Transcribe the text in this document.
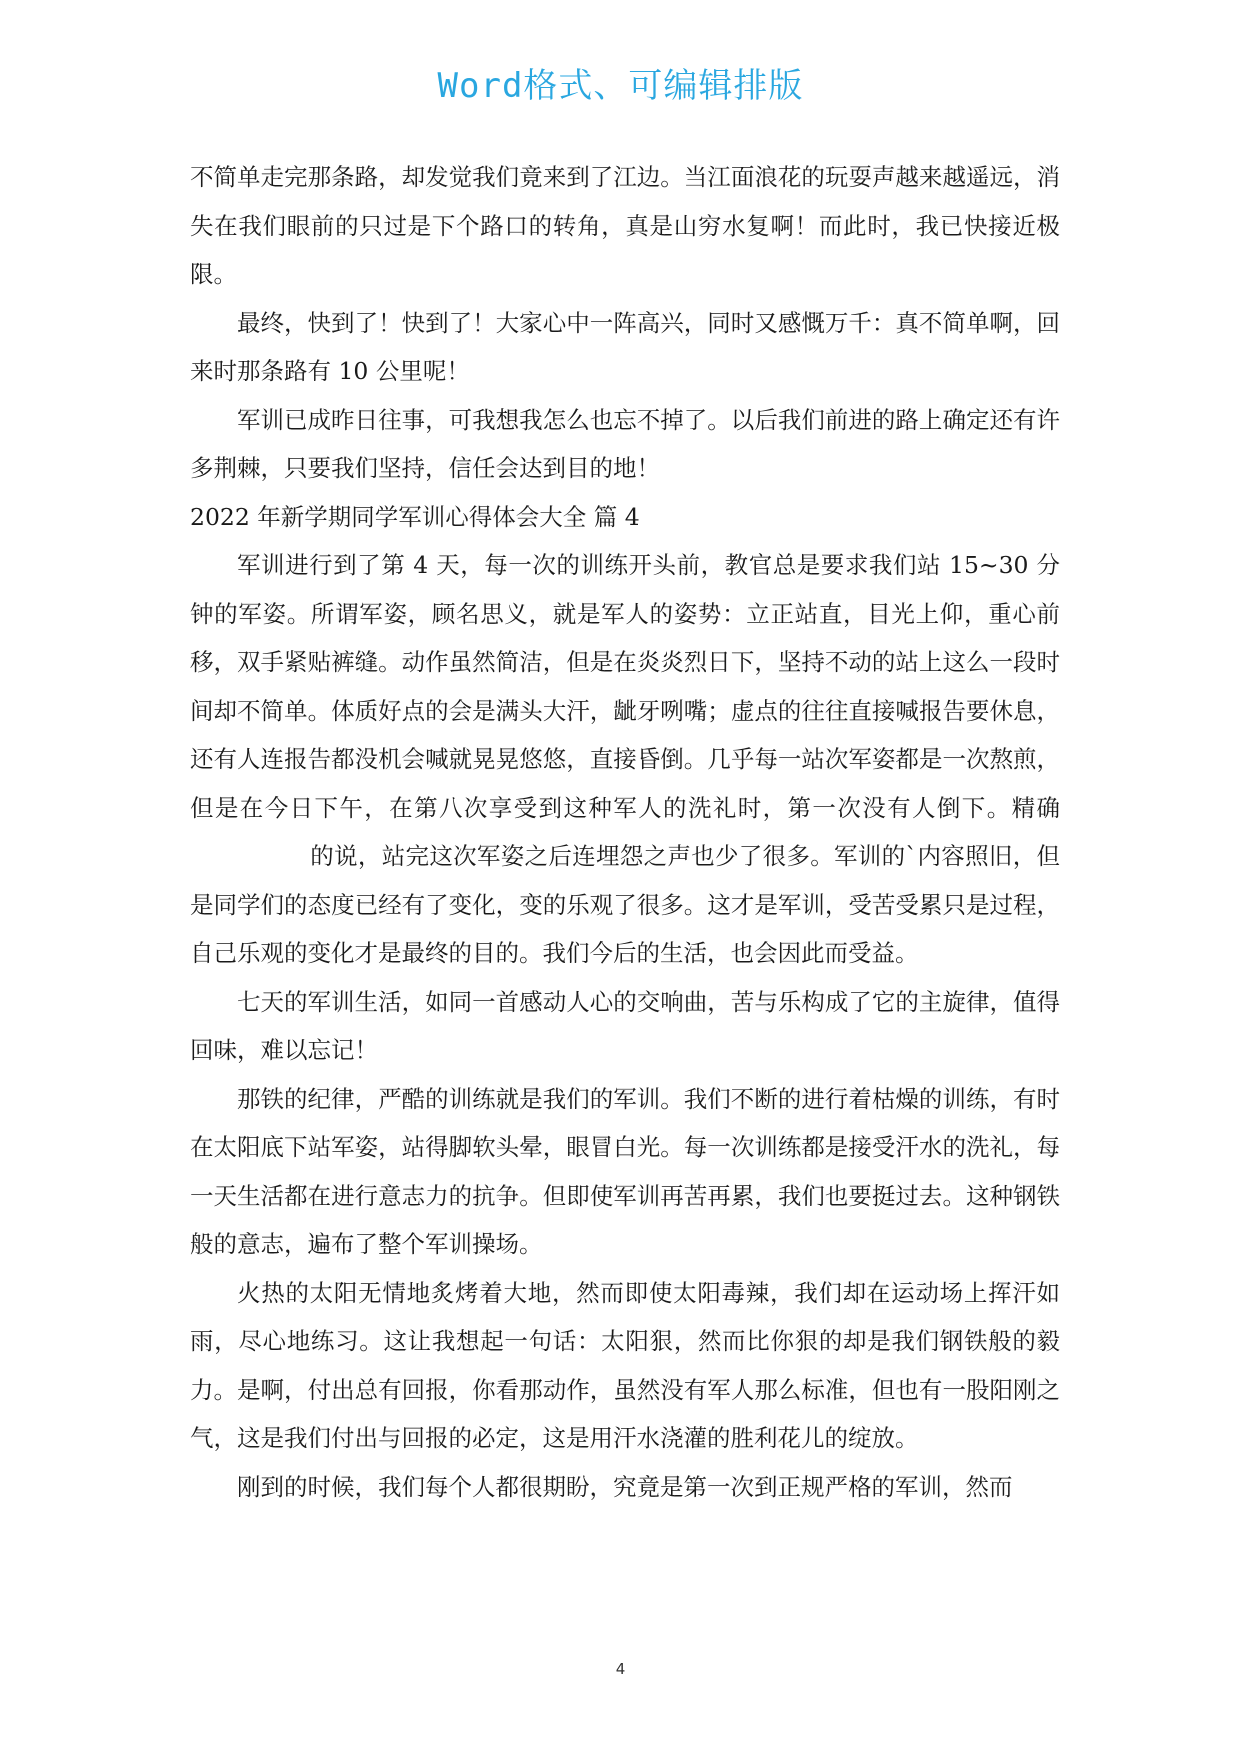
Word格式、可编辑排版

不简单走完那条路，却发觉我们竟来到了江边。当江面浪花的玩耍声越来越遥远，消失在我们眼前的只过是下个路口的转角，真是山穷水复啊！而此时，我已快接近极限。

最终，快到了！快到了！大家心中一阵高兴，同时又感慨万千：真不简单啊，回来时那条路有 10 公里呢！

军训已成昨日往事，可我想我怎么也忘不掉了。以后我们前进的路上确定还有许多荆棘，只要我们坚持，信任会达到目的地！

2022 年新学期同学军训心得体会大全 篇 4

军训进行到了第 4 天，每一次的训练开头前，教官总是要求我们站 15~30 分钟的军姿。所谓军姿，顾名思义，就是军人的姿势：立正站直，目光上仰，重心前移，双手紧贴裤缝。动作虽然简洁，但是在炎炎烈日下，坚持不动的站上这么一段时间却不简单。体质好点的会是满头大汗，龇牙咧嘴；虚点的往往直接喊报告要休息，还有人连报告都没机会喊就晃晃悠悠，直接昏倒。几乎每一站次军姿都是一次熬煎，但是在今日下午，在第八次享受到这种军人的洗礼时，第一次没有人倒下。精确的说，站完这次军姿之后连埋怨之声也少了很多。军训的`内容照旧，但是同学们的态度已经有了变化，变的乐观了很多。这才是军训，受苦受累只是过程，自己乐观的变化才是最终的目的。我们今后的生活，也会因此而受益。

七天的军训生活，如同一首感动人心的交响曲，苦与乐构成了它的主旋律，值得回味，难以忘记！

那铁的纪律，严酷的训练就是我们的军训。我们不断的进行着枯燥的训练，有时在太阳底下站军姿，站得脚软头晕，眼冒白光。每一次训练都是接受汗水的洗礼，每一天生活都在进行意志力的抗争。但即使军训再苦再累，我们也要挺过去。这种钢铁般的意志，遍布了整个军训操场。

火热的太阳无情地炙烤着大地，然而即使太阳毒辣，我们却在运动场上挥汗如雨，尽心地练习。这让我想起一句话：太阳狠，然而比你狠的却是我们钢铁般的毅力。是啊，付出总有回报，你看那动作，虽然没有军人那么标准，但也有一股阳刚之气，这是我们付出与回报的必定，这是用汗水浇灌的胜利花儿的绽放。

刚到的时候，我们每个人都很期盼，究竟是第一次到正规严格的军训，然而

4
